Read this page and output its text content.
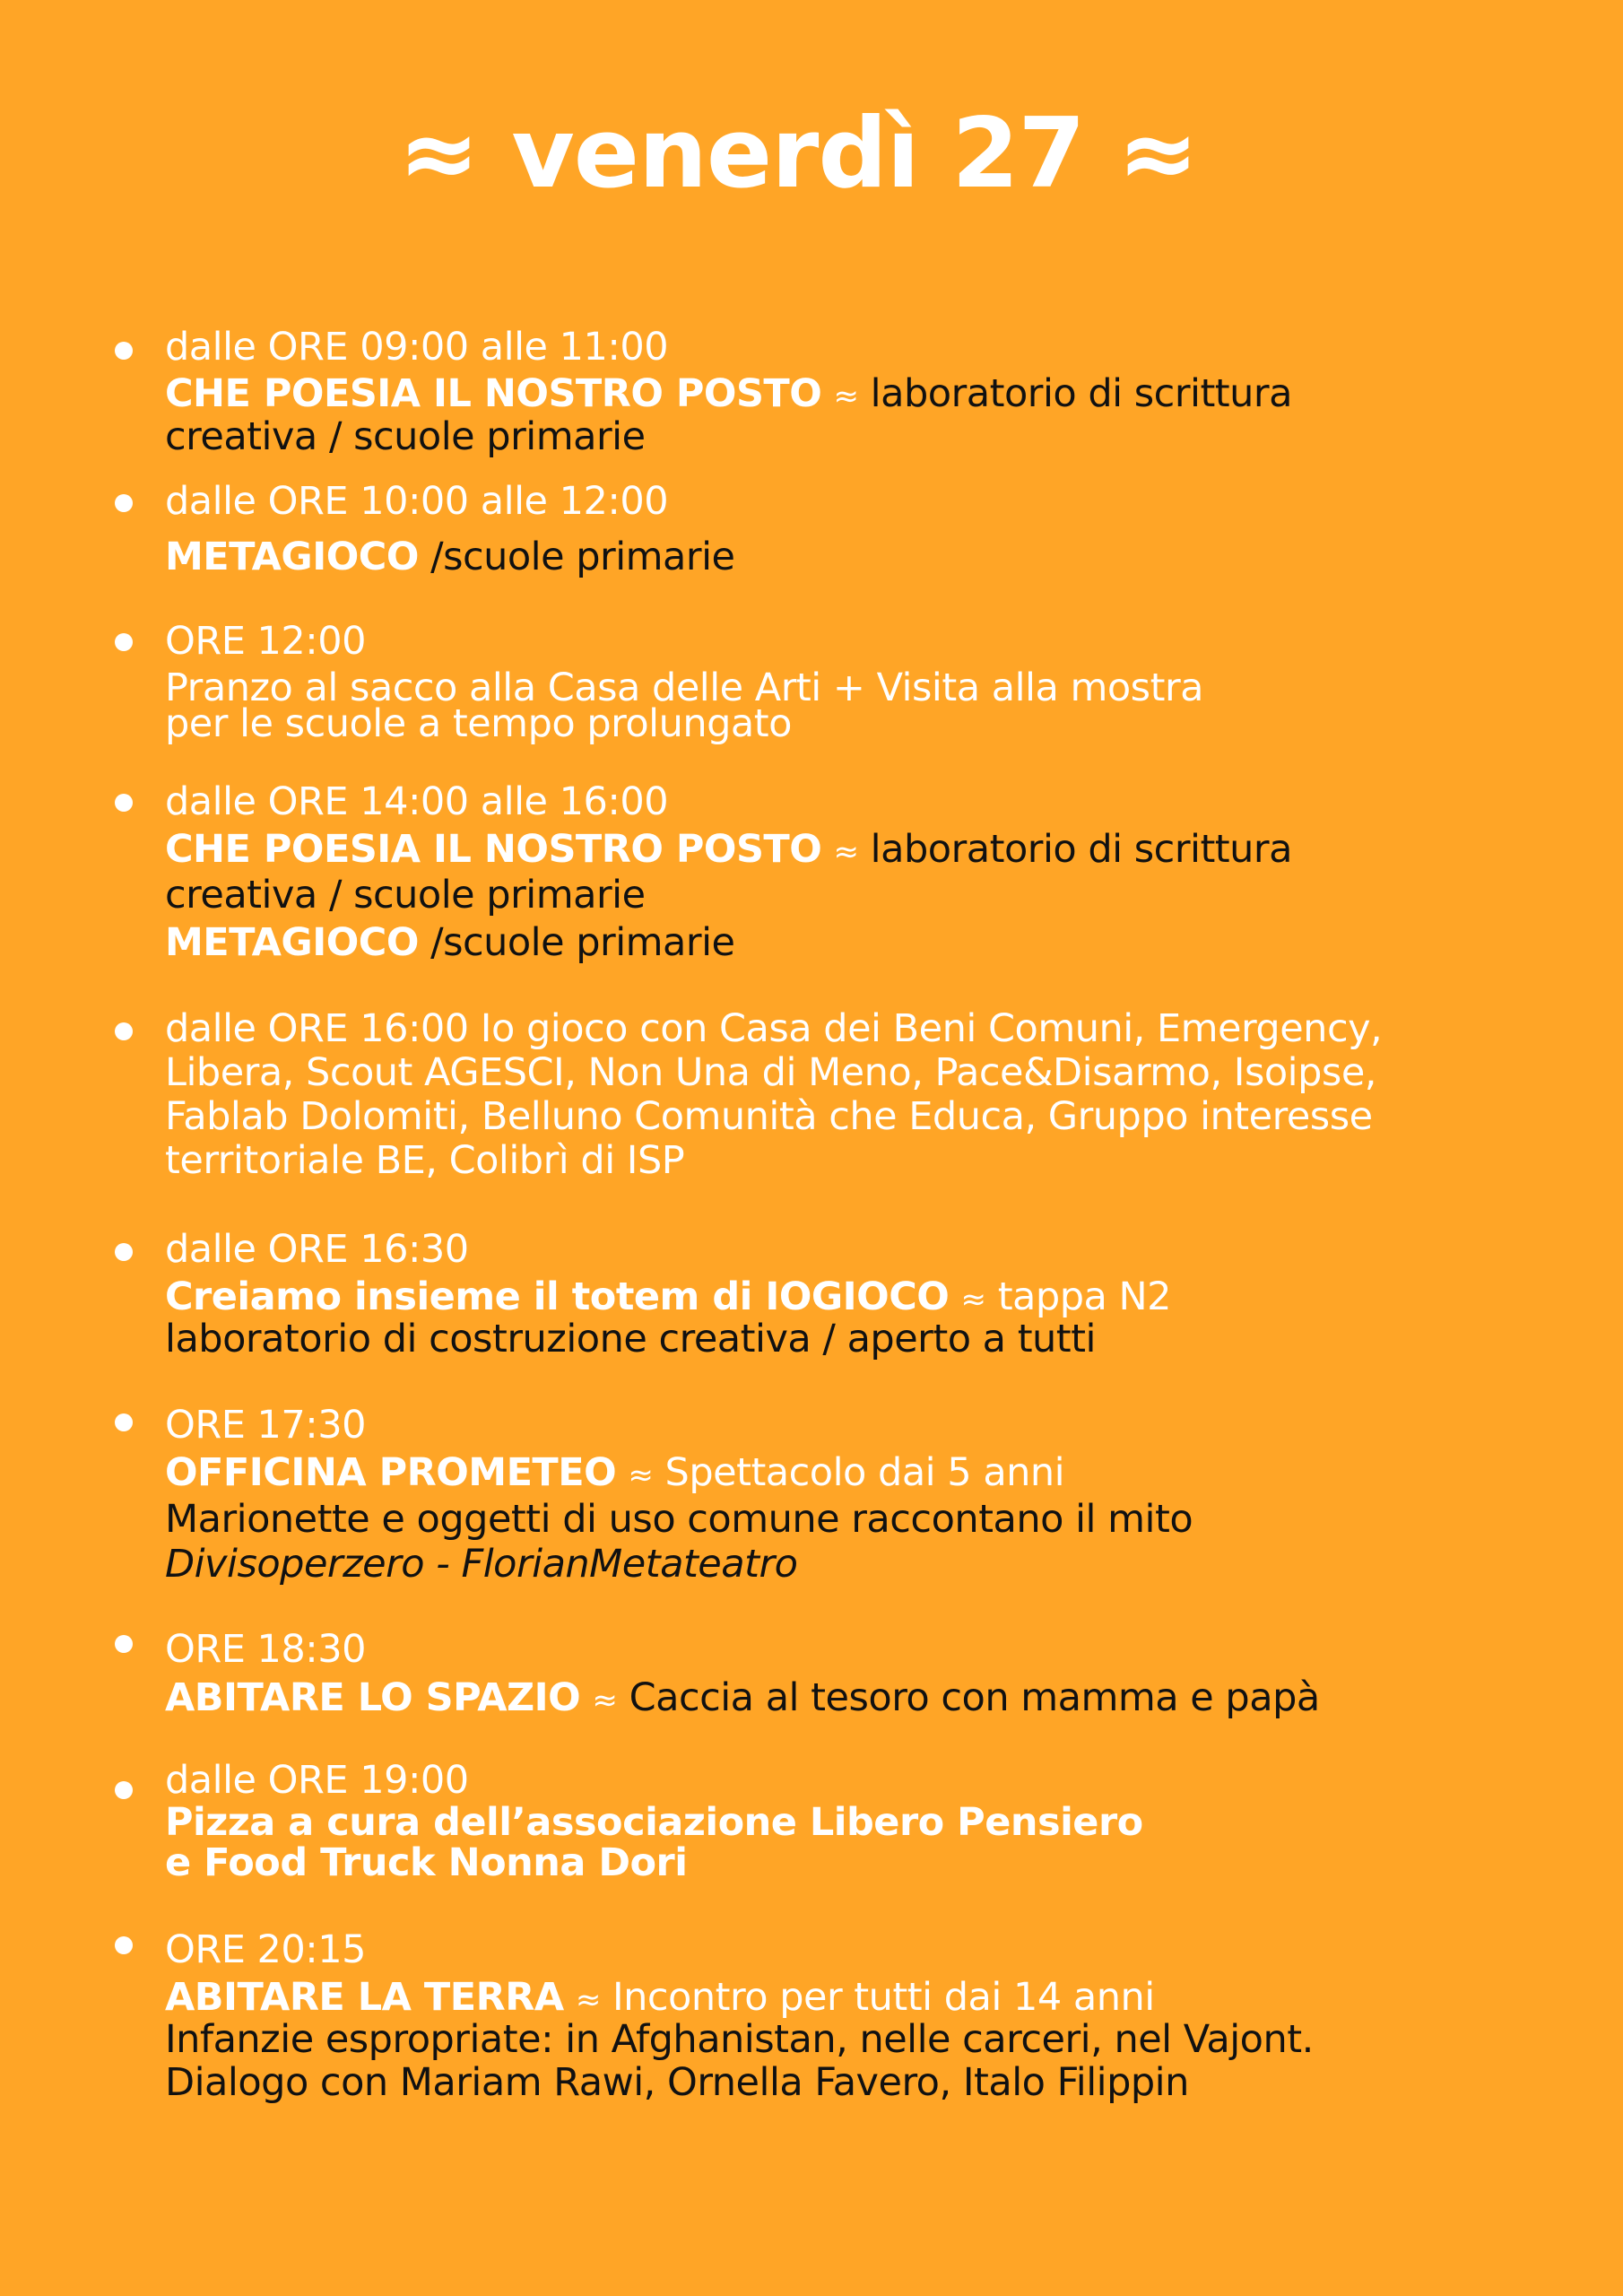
≈ venerdì 27 ≈
dalle ORE 09:00 alle 11:00
CHE POESIA IL NOSTRO POSTO ≈ laboratorio di scrittura
creativa / scuole primarie
dalle ORE 10:00 alle 12:00
METAGIOCO /scuole primarie
ORE 12:00
Pranzo al sacco alla Casa delle Arti + Visita alla mostra
per le scuole a tempo prolungato
dalle ORE 14:00 alle 16:00
CHE POESIA IL NOSTRO POSTO ≈ laboratorio di scrittura
creativa / scuole primarie
METAGIOCO /scuole primarie
dalle ORE 16:00 Io gioco con Casa dei Beni Comuni, Emergency,
Libera, Scout AGESCI, Non Una di Meno, Pace&Disarmo, Isoipse,
Fablab Dolomiti, Belluno Comunità che Educa, Gruppo interesse
territoriale BE, Colibrì di ISP
dalle ORE 16:30
Creiamo insieme il totem di IOGIOCO ≈ tappa N2
laboratorio di costruzione creativa / aperto a tutti
ORE 17:30
OFFICINA PROMETEO ≈ Spettacolo dai 5 anni
Marionette e oggetti di uso comune raccontano il mito
Divisoperzero - FlorianMetateatro
ORE 18:30
ABITARE LO SPAZIO ≈ Caccia al tesoro con mamma e papà
dalle ORE 19:00
Pizza a cura dell’associazione Libero Pensiero
e Food Truck Nonna Dori
ORE 20:15
ABITARE LA TERRA ≈ Incontro per tutti dai 14 anni
Infanzie espropriate: in Afghanistan, nelle carceri, nel Vajont.
Dialogo con Mariam Rawi, Ornella Favero, Italo Filippin
